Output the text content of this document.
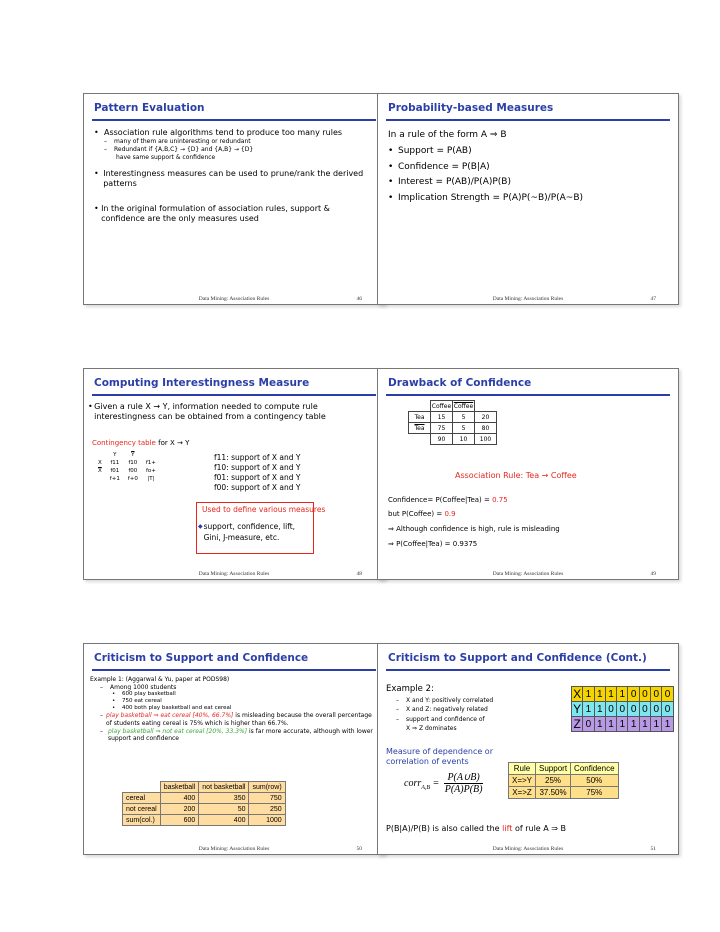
Pattern Evaluation
• Association rule algorithms tend to produce too many rules
–	many of them are uninteresting or redundant
–	Redundant if {A,B,C} → {D} and {A,B} → {D}
have same support & confidence
• Interestingness measures can be used to prune/rank the derived patterns
• In the original formulation of association rules, support & confidence are the only measures used
Data Mining: Association Rules	46
Probability-based Measures
In a rule of the form A ⇒ B
• Support = P(AB)
• Confidence = P(B|A)
• Interest = P(AB)/P(A)P(B)
• Implication Strength = P(A)P(~B)/P(A~B)
Data Mining: Association Rules	47
Computing Interestingness Measure
• Given a rule X → Y, information needed to compute rule interestingness can be obtained from a contingency table
Contingency table for X → Y
	Y	$\overline{Y}$	
X	f11	f10	f1+
$\overline{X}$	f01	f00	fo+
	f+1	f+0	|T|
f11: support of X and Y
f10: support of X and Y
f01: support of X and Y
f00: support of X and Y
Used to define various measures
◆ support, confidence, lift, Gini, J-measure, etc.
Data Mining: Association Rules	48
Drawback of Confidence
	Coffee	Coffee	
Tea	15	5	20
$\overline{Tea}$	75	5	80
	90	10	100
Association Rule: Tea → Coffee
Confidence= P(Coffee|Tea) = 0.75
but P(Coffee) = 0.9
⇒ Although confidence is high, rule is misleading
⇒ P(Coffee|Tea) = 0.9375
Data Mining: Association Rules	49
Criticism to Support and Confidence
Example 1: (Aggarwal & Yu, paper at PODS98)
–	Among 1000 students
•	600 play basketball
•	750 eat cereal
•	400 both play basketball and eat cereal
– play basketball ⇒ eat cereal [40%, 66.7%] is misleading because the overall percentage of students eating cereal is 75% which is higher than 66.7%.
– play basketball ⇒ not eat cereal [20%, 33.3%] is far more accurate, although with lower support and confidence
	basketball	not basketball	sum(row)
cereal	400	350	750
not cereal	200	50	250
sum(col.)	600	400	1000
Data Mining: Association Rules	50
Criticism to Support and Confidence (Cont.)
Example 2:
–	X and Y: positively correlated
–	X and Z: negatively related
–	support and confidence of
X ⇒ Z dominates
X	1	1	1	1	0	0	0	0
Y	1	1	0	0	0	0	0	0
Z	0	1	1	1	1	1	1	1
Measure of dependence or correlation of events
corr$_{A,B}$ = $\frac{P(A\cup B)}{P(A)P(B)}$
Rule	Support	Confidence
X=>Y	25%	50%
X=>Z	37.50%	75%
P(B|A)/P(B) is also called the lift of rule A ⇒ B
Data Mining: Association Rules	51
